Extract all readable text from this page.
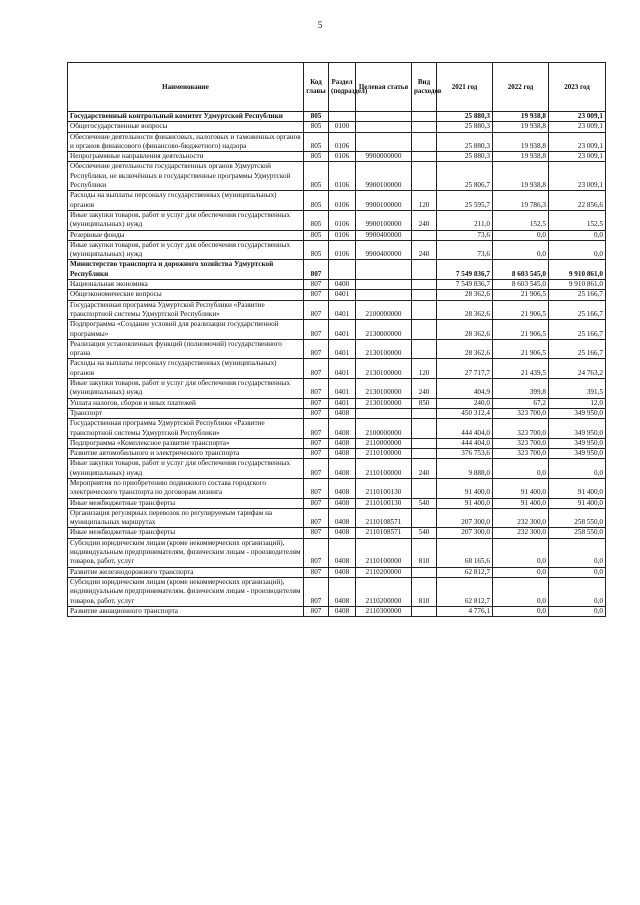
5
Наименование	Код главы	Раздел (подраздел)	Целевая статья	Вид расходов	2021 год	2022 год	2023 год
Государственный контрольный комитет Удмуртской Республики	805				25 880,3	19 938,8	23 009,1
Общегосударственные вопросы	805	0100			25 880,3	19 938,8	23 009,1
Обеспечение деятельности финансовых, налоговых и таможенных органов и органов финансового (финансово-бюджетного) надзора	805	0106			25 880,3	19 938,8	23 009,1
Непрограммные направления деятельности	805	0106	9900000000		25 880,3	19 938,8	23 009,1
Обеспечение деятельности государственных органов Удмуртской Республики, не включённых в государственные программы Удмуртской Республики	805	0106	9900100000		25 806,7	19 938,8	23 009,1
Расходы на выплаты персоналу государственных (муниципальных) органов	805	0106	9900100000	120	25 595,7	19 786,3	22 856,6
Иные закупки товаров, работ и услуг для обеспечения государственных (муниципальных) нужд	805	0106	9900100000	240	211,0	152,5	152,5
Резервные фонды	805	0106	9900400000		73,6	0,0	0,0
Иные закупки товаров, работ и услуг для обеспечения государственных (муниципальных) нужд	805	0106	9900400000	240	73,6	0,0	0,0
Министерство транспорта и дорожного хозяйства Удмуртской Республики	807				7 549 836,7	8 603 545,0	9 910 861,0
Национальная экономика	807	0400			7 549 836,7	8 603 545,0	9 910 861,0
Общеэкономические вопросы	807	0401			28 362,6	21 906,5	25 166,7
Государственная программа Удмуртской Республики «Развитие транспортной системы Удмуртской Республики»	807	0401	2100000000		28 362,6	21 906,5	25 166,7
Подпрограмма «Создание условий для реализации государственной программы»	807	0401	2130000000		28 362,6	21 906,5	25 166,7
Реализация установленных функций (полномочий) государственного органа	807	0401	2130100000		28 362,6	21 906,5	25 166,7
Расходы на выплаты персоналу государственных (муниципальных) органов	807	0401	2130100000	120	27 717,7	21 439,5	24 763,2
Иные закупки товаров, работ и услуг для обеспечения государственных (муниципальных) нужд	807	0401	2130100000	240	404,9	399,8	391,5
Уплата налогов, сборов и иных платежей	807	0401	2130100000	850	240,0	67,2	12,0
Транспорт	807	0408			450 312,4	323 700,0	349 950,0
Государственная программа Удмуртской Республики «Развитие транспортной системы Удмуртской Республики»	807	0408	2100000000		444 404,0	323 700,0	349 950,0
Подпрограмма «Комплексное развитие транспорта»	807	0408	2110000000		444 404,0	323 700,0	349 950,0
Развитие автомобильного и электрического транспорта	807	0408	2110100000		376 753,6	323 700,0	349 950,0
Иные закупки товаров, работ и услуг для обеспечения государственных (муниципальных) нужд	807	0408	2110100000	240	9 888,0	0,0	0,0
Мероприятия по приобретению подвижного состава городского электрического транспорта по договорам лизинга	807	0408	2110100130		91 400,0	91 400,0	91 400,0
Иные межбюджетные трансферты	807	0408	2110100130	540	91 400,0	91 400,0	91 400,0
Организация регулярных перевозок по регулируемым тарифам на муниципальных маршрутах	807	0408	2110108571		207 300,0	232 300,0	258 550,0
Иные межбюджетные трансферты	807	0408	2110108571	540	207 300,0	232 300,0	258 550,0
Субсидии юридическим лицам (кроме некоммерческих организаций), индивидуальным предпринимателям, физическим лицам - производителям товаров, работ, услуг	807	0408	2110100000	810	68 165,6	0,0	0,0
Развитие железнодорожного транспорта	807	0408	2110200000		62 812,7	0,0	0,0
Субсидии юридическим лицам (кроме некоммерческих организаций), индивидуальным предпринимателям, физическим лицам - производителям товаров, работ, услуг	807	0408	2110200000	810	62 812,7	0,0	0,0
Развитие авиационного транспорта	807	0408	2110300000		4 776,1	0,0	0,0
